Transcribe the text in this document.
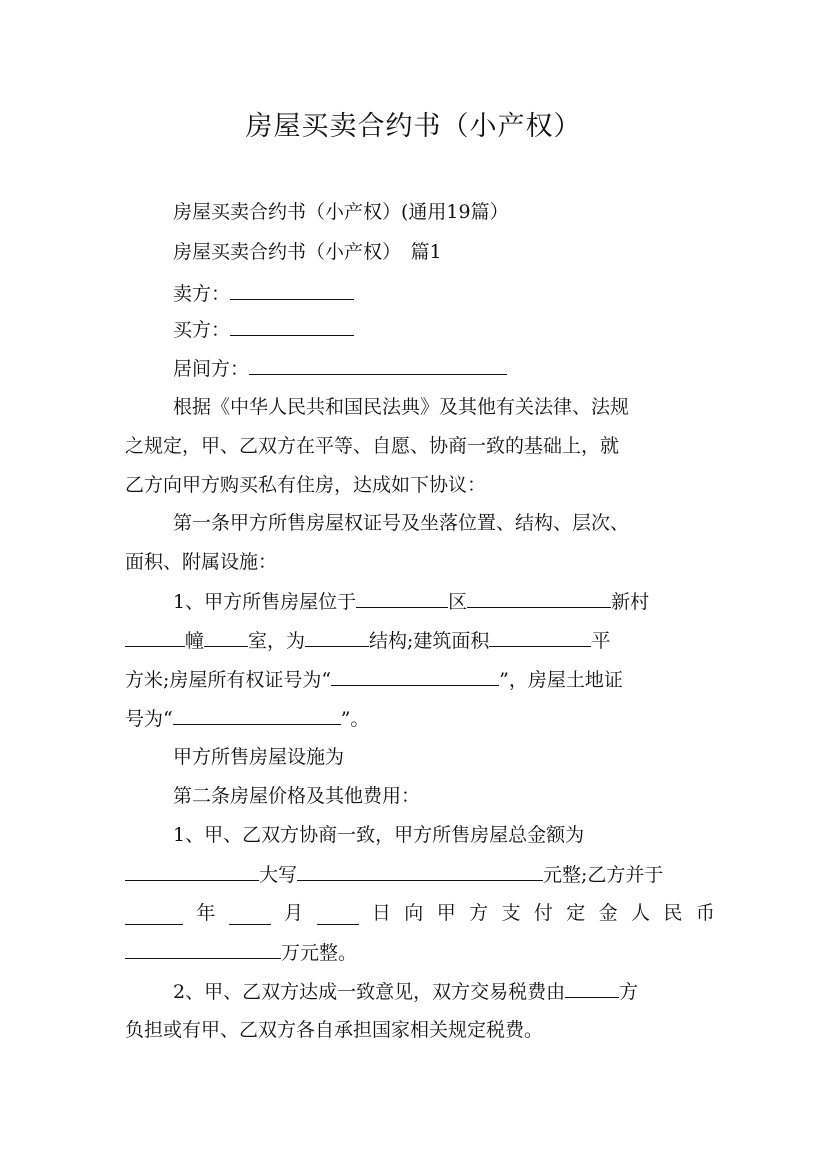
房屋买卖合约书（小产权）
房屋买卖合约书（小产权）(通用19篇）
房屋买卖合约书（小产权）　篇1
卖方：
买方：
居间方：
根据《中华人民共和国民法典》及其他有关法律、法规
之规定，甲、乙双方在平等、自愿、协商一致的基础上，就
乙方向甲方购买私有住房，达成如下协议：
第一条甲方所售房屋权证号及坐落位置、结构、层次、
面积、附属设施：
1、甲方所售房屋位于	区	新村
幢 室，为	结构;建筑面积	平
方米;房屋所有权证号为“	”，房屋土地证
号为“	”。
甲方所售房屋设施为
第二条房屋价格及其他费用：
1、甲、乙双方协商一致，甲方所售房屋总金额为
大写	元整;乙方并于
年	月	日 向 甲 方 支 付 定 金 人 民 币
万元整。
2、甲、乙双方达成一致意见，双方交易税费由	方
负担或有甲、乙双方各自承担国家相关规定税费。
